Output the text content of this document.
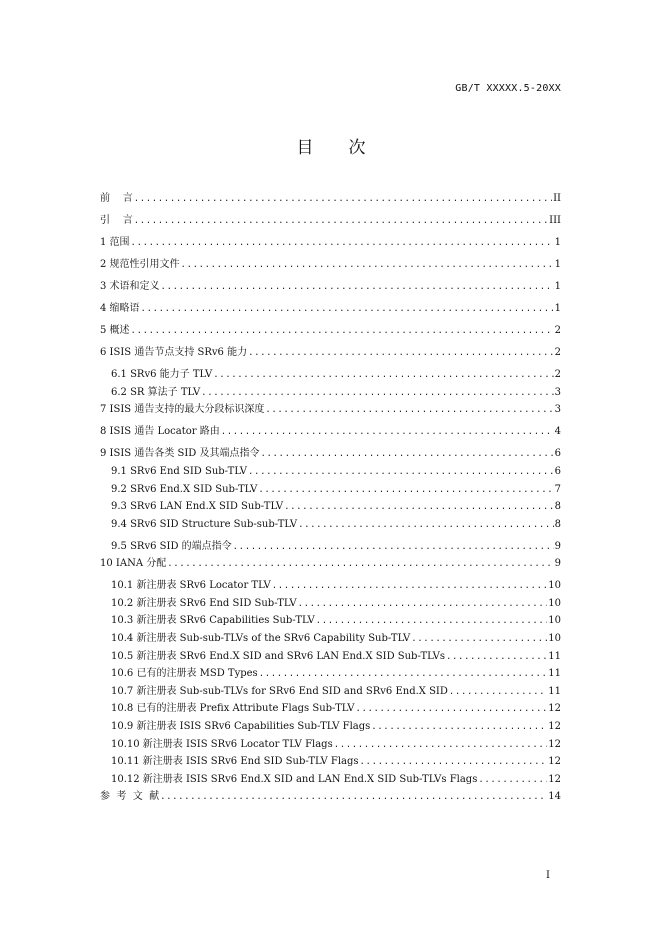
GB/T XXXXX.5-20XX
目次
前    言 .....	II
引    言 .....	III
1 范围 .....	1
2 规范性引用文件 .....	1
3 术语和定义 .....	1
4 缩略语 .....	1
5 概述 .....	2
6 ISIS 通告节点支持 SRv6 能力 .....	2
6.1 SRv6 能力子 TLV .....	2
6.2 SR 算法子 TLV .....	3
7 ISIS 通告支持的最大分段标识深度 .....	3
8 ISIS 通告 Locator 路由 .....	4
9 ISIS 通告各类 SID 及其端点指令 .....	6
9.1 SRv6 End SID Sub-TLV .....	6
9.2 SRv6 End.X SID Sub-TLV .....	7
9.3 SRv6 LAN End.X SID Sub-TLV .....	8
9.4 SRv6 SID Structure Sub-sub-TLV .....	8
9.5 SRv6 SID 的端点指令 .....	9
10 IANA 分配 .....	9
10.1 新注册表 SRv6 Locator TLV .....	10
10.2 新注册表 SRv6 End SID Sub-TLV .....	10
10.3 新注册表 SRv6 Capabilities Sub-TLV .....	10
10.4 新注册表 Sub-sub-TLVs of the SRv6 Capability Sub-TLV .....	10
10.5 新注册表 SRv6 End.X SID and SRv6 LAN End.X SID Sub-TLVs .....	11
10.6 已有的注册表 MSD Types .....	11
10.7 新注册表 Sub-sub-TLVs for SRv6 End SID and SRv6 End.X SID .....	11
10.8 已有的注册表 Prefix Attribute Flags Sub-TLV .....	12
10.9 新注册表 ISIS SRv6 Capabilities Sub-TLV Flags .....	12
10.10 新注册表 ISIS SRv6 Locator TLV Flags .....	12
10.11 新注册表 ISIS SRv6 End SID Sub-TLV Flags .....	12
10.12 新注册表 ISIS SRv6 End.X SID and LAN End.X SID Sub-TLVs Flags .....	12
参  考  文  献 .....	14
I
